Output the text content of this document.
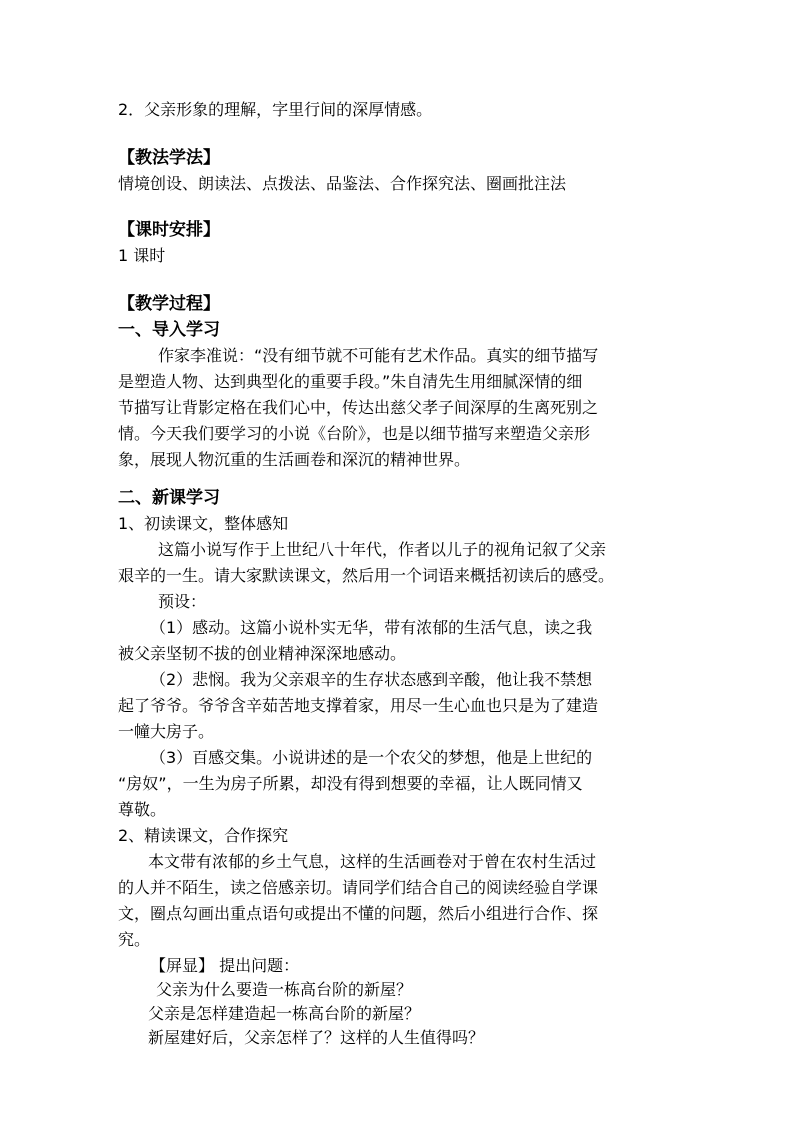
2．父亲形象的理解，字里行间的深厚情感。
【教法学法】
情境创设、朗读法、点拨法、品鉴法、合作探究法、圈画批注法
【课时安排】
1 课时
【教学过程】
一、导入学习
作家李准说：“没有细节就不可能有艺术作品。真实的细节描写
是塑造人物、达到典型化的重要手段。”朱自清先生用细腻深情的细
节描写让背影定格在我们心中，传达出慈父孝子间深厚的生离死别之
情。今天我们要学习的小说《台阶》，也是以细节描写来塑造父亲形
象，展现人物沉重的生活画卷和深沉的精神世界。
二、新课学习
1、初读课文，整体感知
这篇小说写作于上世纪八十年代，作者以儿子的视角记叙了父亲
艰辛的一生。请大家默读课文，然后用一个词语来概括初读后的感受。
预设：
（1）感动。这篇小说朴实无华，带有浓郁的生活气息，读之我
被父亲坚韧不拔的创业精神深深地感动。
（2）悲悯。我为父亲艰辛的生存状态感到辛酸，他让我不禁想
起了爷爷。爷爷含辛茹苦地支撑着家，用尽一生心血也只是为了建造
一幢大房子。
（3）百感交集。小说讲述的是一个农父的梦想，他是上世纪的
“房奴”，一生为房子所累，却没有得到想要的幸福，让人既同情又
尊敬。
2、精读课文，合作探究
本文带有浓郁的乡土气息，这样的生活画卷对于曾在农村生活过
的人并不陌生，读之倍感亲切。请同学们结合自己的阅读经验自学课
文，圈点勾画出重点语句或提出不懂的问题，然后小组进行合作、探
究。
【屏显】 提出问题：
父亲为什么要造一栋高台阶的新屋？
父亲是怎样建造起一栋高台阶的新屋？
新屋建好后，父亲怎样了？这样的人生值得吗？
